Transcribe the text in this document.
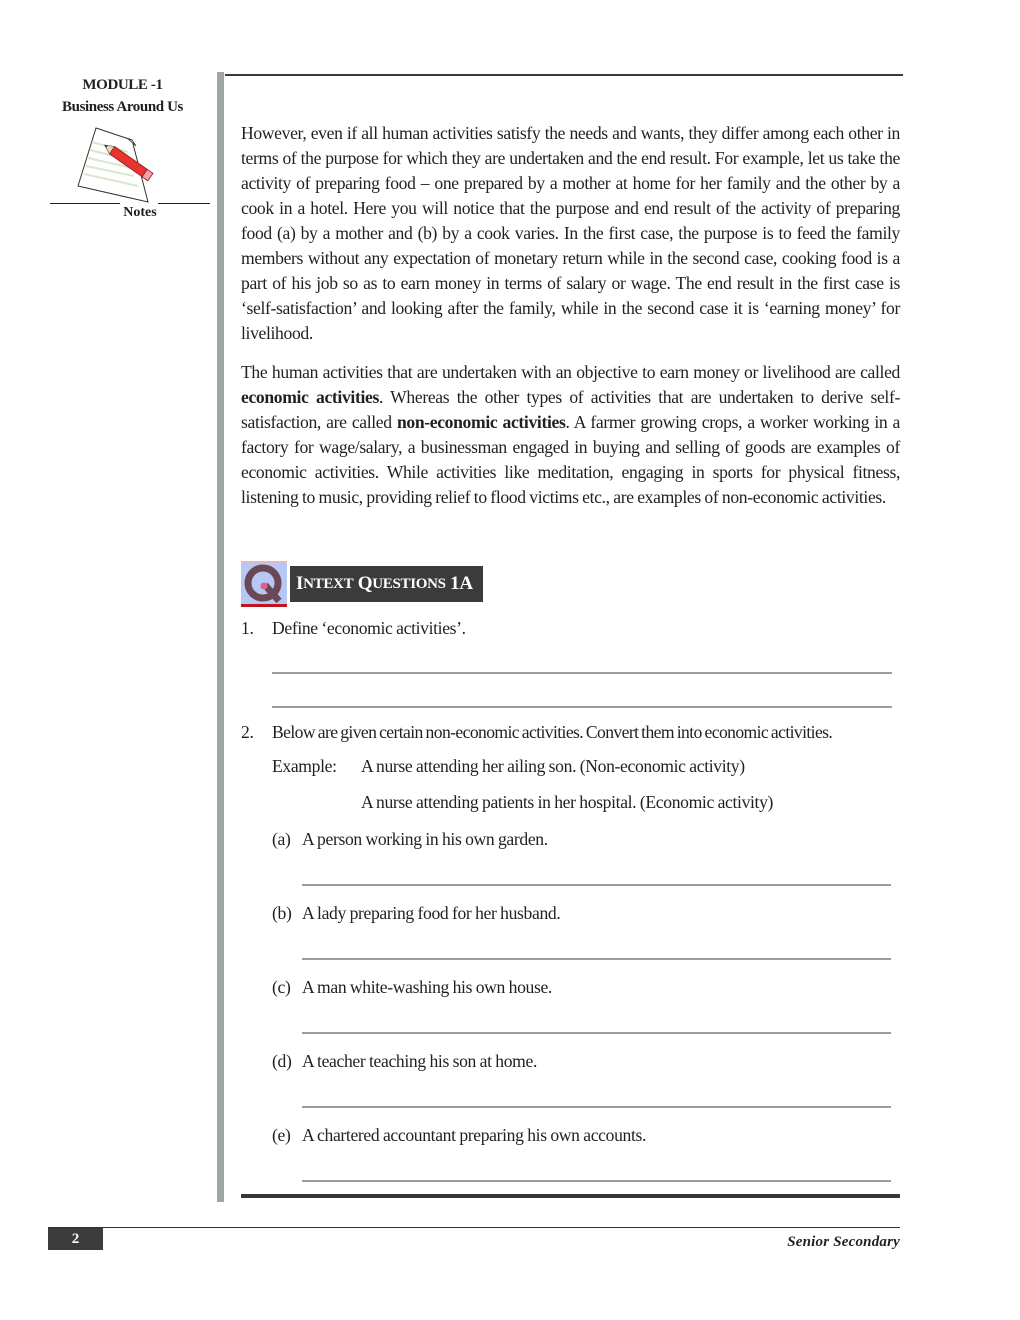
MODULE -1
Business Around Us
Notes

However, even if all human activities satisfy the needs and wants, they differ among each other in terms of the purpose for which they are undertaken and the end result. For example, let us take the activity of preparing food – one prepared by a mother at home for her family and the other by a cook in a hotel. Here you will notice that the purpose and end result of the activity of preparing food (a) by a mother and (b) by a cook varies. In the first case, the purpose is to feed the family members without any expectation of monetary return while in the second case, cooking food is a part of his job so as to earn money in terms of salary or wage. The end result in the first case is ‘self-satisfaction’ and looking after the family, while in the second case it is ‘earning money’ for livelihood.

The human activities that are undertaken with an objective to earn money or livelihood are called economic activities. Whereas the other types of activities that are undertaken to derive self-satisfaction, are called non-economic activities. A farmer growing crops, a worker working in a factory for wage/salary, a businessman engaged in buying and selling of goods are examples of economic activities. While activities like meditation, engaging in sports for physical fitness, listening to music, providing relief to flood victims etc., are examples of non-economic activities.

I NTEXT
Q UESTIONS
1A
1. Define ‘economic activities’.
2. Below are given certain non-economic activities. Convert them into economic activities.
Example: A nurse attending her ailing son. (Non-economic activity)
A nurse attending patients in her hospital. (Economic activity)
(a) A person working in his own garden.
(b) A lady preparing food for her husband.
(c) A man white-washing his own house.
(d) A teacher teaching his son at home.
(e) A chartered accountant preparing his own accounts.
2	Senior Secondary
